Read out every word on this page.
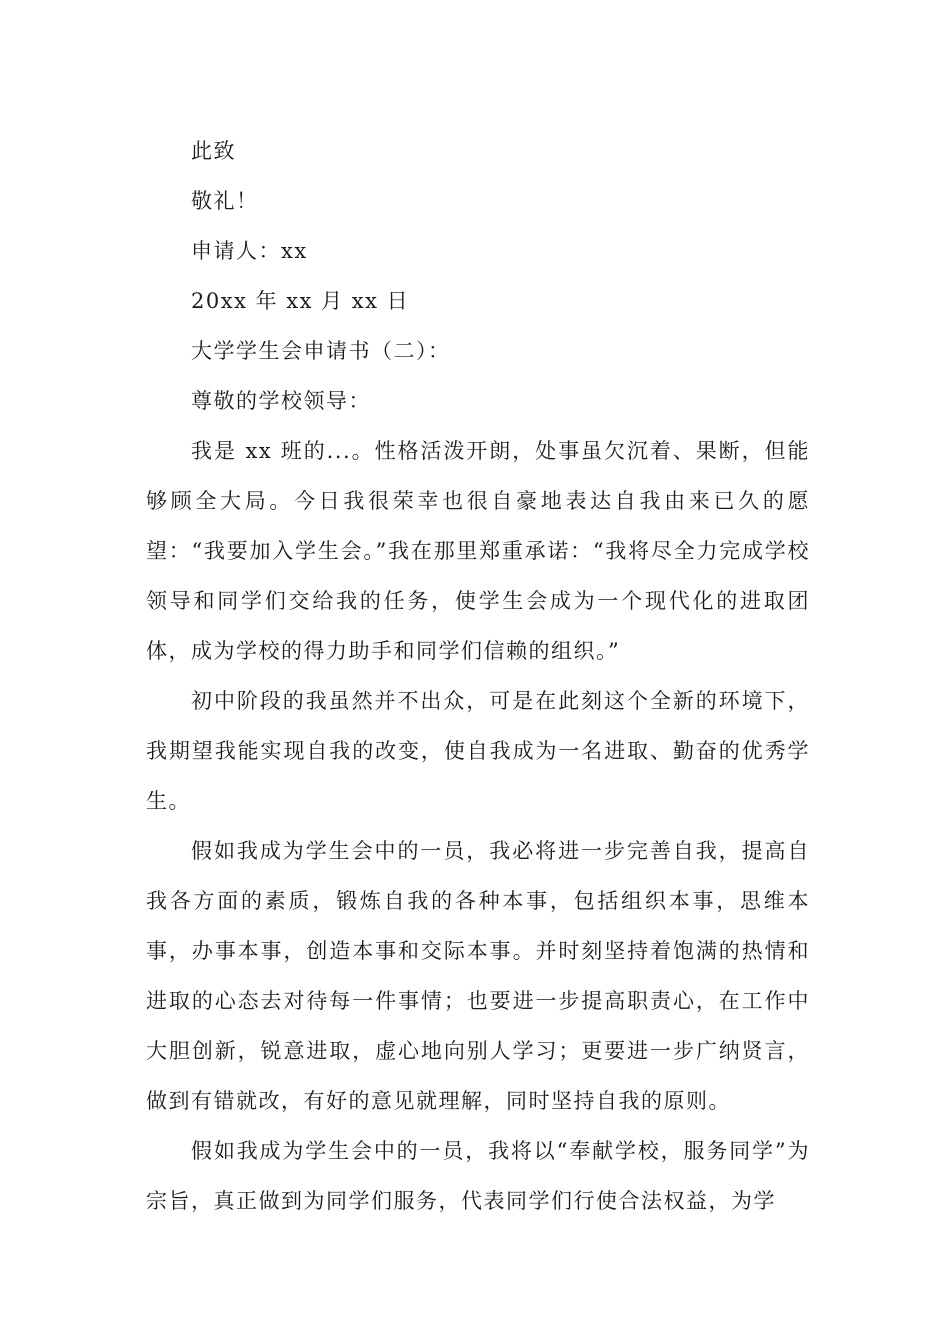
此致

敬礼！

申请人：xx

20xx 年 xx 月 xx 日

大学学生会申请书（二）：

尊敬的学校领导：

我是 xx 班的...。性格活泼开朗，处事虽欠沉着、果断，但能够顾全大局。今日我很荣幸也很自豪地表达自我由来已久的愿望：“我要加入学生会。”我在那里郑重承诺：“我将尽全力完成学校领导和同学们交给我的任务，使学生会成为一个现代化的进取团体，成为学校的得力助手和同学们信赖的组织。”

初中阶段的我虽然并不出众，可是在此刻这个全新的环境下，我期望我能实现自我的改变，使自我成为一名进取、勤奋的优秀学生。

假如我成为学生会中的一员，我必将进一步完善自我，提高自我各方面的素质，锻炼自我的各种本事，包括组织本事，思维本事，办事本事，创造本事和交际本事。并时刻坚持着饱满的热情和进取的心态去对待每一件事情；也要进一步提高职责心，在工作中大胆创新，锐意进取，虚心地向别人学习；更要进一步广纳贤言，做到有错就改，有好的意见就理解，同时坚持自我的原则。

假如我成为学生会中的一员，我将以“奉献学校，服务同学”为宗旨，真正做到为同学们服务，代表同学们行使合法权益，为学
